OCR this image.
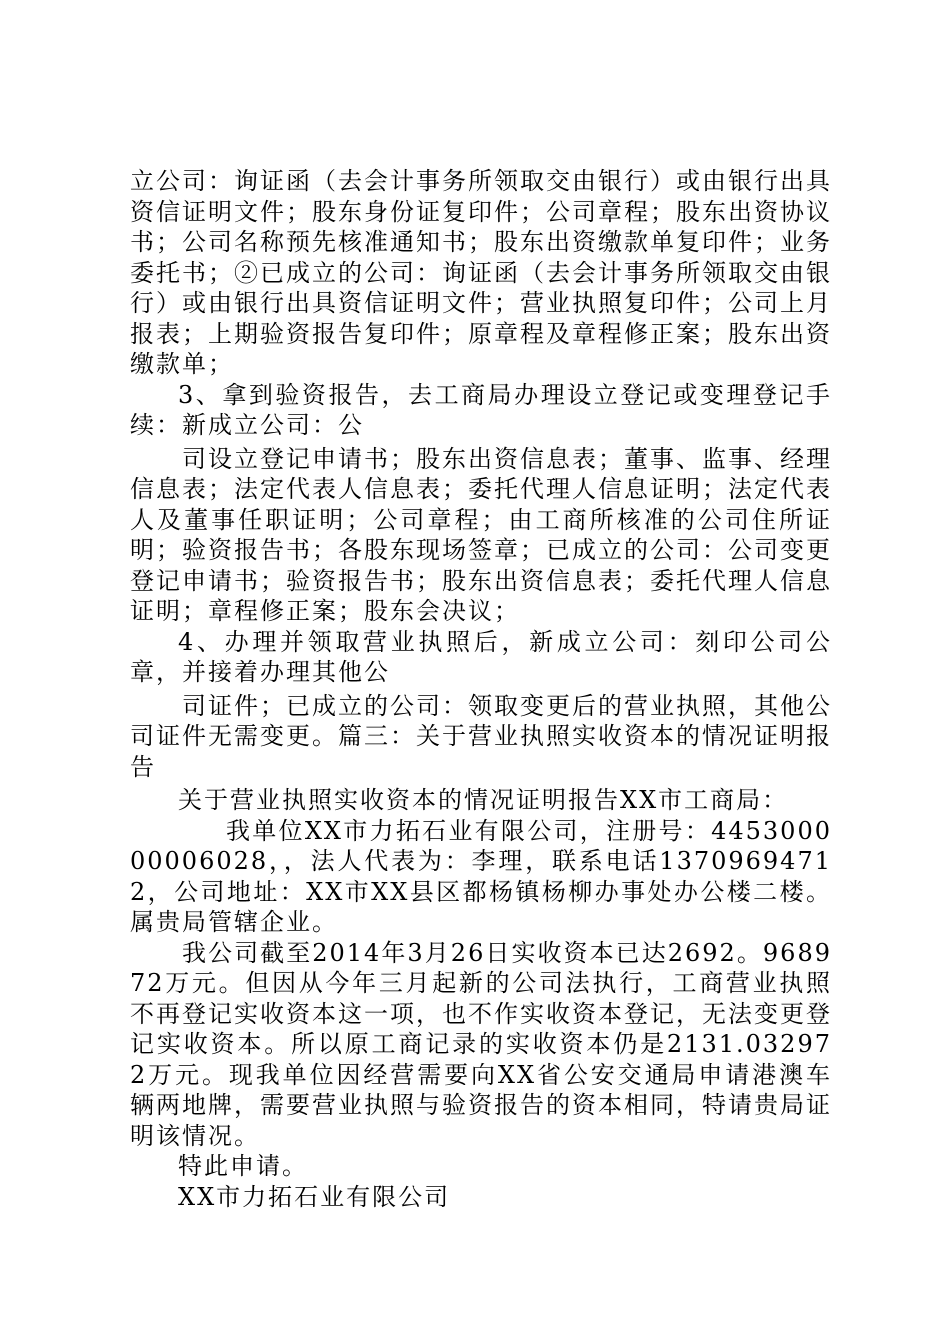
立公司：询证函（去会计事务所领取交由银行）或由银行出具资信证明文件；股东身份证复印件；公司章程；股东出资协议书；公司名称预先核准通知书；股东出资缴款单复印件；业务委托书；②已成立的公司：询证函（去会计事务所领取交由银行）或由银行出具资信证明文件；营业执照复印件；公司上月报表；上期验资报告复印件；原章程及章程修正案；股东出资缴款单；

3、拿到验资报告，去工商局办理设立登记或变理登记手续：新成立公司：公

司设立登记申请书；股东出资信息表；董事、监事、经理信息表；法定代表人信息表；委托代理人信息证明；法定代表人及董事任职证明；公司章程；由工商所核准的公司住所证明；验资报告书；各股东现场签章；已成立的公司：公司变更登记申请书；验资报告书；股东出资信息表；委托代理人信息证明；章程修正案；股东会决议；

4、办理并领取营业执照后，新成立公司：刻印公司公章，并接着办理其他公

司证件；已成立的公司：领取变更后的营业执照，其他公司证件无需变更。篇三：关于营业执照实收资本的情况证明报告

关于营业执照实收资本的情况证明报告XX市工商局：

我单位XX市力拓石业有限公司，注册号：445300000006028，，法人代表为：李理，联系电话13709694712，公司地址：XX市XX县区都杨镇杨柳办事处办公楼二楼。属贵局管辖企业。

我公司截至2014年3月26日实收资本已达2692。968972万元。但因从今年三月起新的公司法执行，工商营业执照不再登记实收资本这一项，也不作实收资本登记，无法变更登记实收资本。所以原工商记录的实收资本仍是2131.032972万元。现我单位因经营需要向XX省公安交通局申请港澳车辆两地牌，需要营业执照与验资报告的资本相同，特请贵局证明该情况。

特此申请。

XX市力拓石业有限公司
